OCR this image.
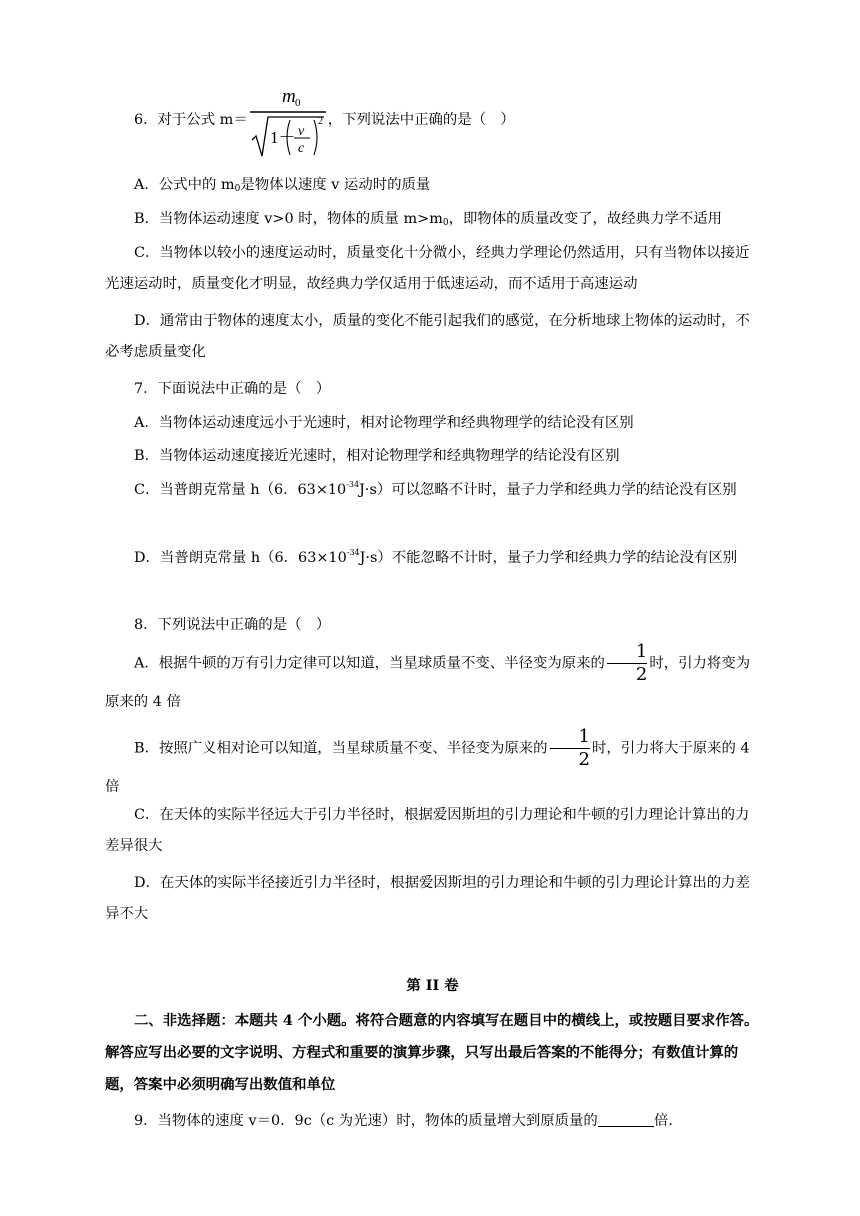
6．对于公式 m＝
m 0
1－ v
c
2 ，下列说法中正确的是（　）
A．公式中的 $m_0$是物体以速度 v 运动时的质量
B．当物体运动速度 v>0 时，物体的质量 $m>m_0$，即物体的质量改变了，故经典力学不适用
C．当物体以较小的速度运动时，质量变化十分微小，经典力学理论仍然适用，只有当物体以接近光速运动时，质量变化才明显，故经典力学仅适用于低速运动，而不适用于高速运动
D．通常由于物体的速度太小，质量的变化不能引起我们的感觉，在分析地球上物体的运动时，不必考虑质量变化
7．下面说法中正确的是（　）
A．当物体运动速度远小于光速时，相对论物理学和经典物理学的结论没有区别
B．当物体运动速度接近光速时，相对论物理学和经典物理学的结论没有区别
C．当普朗克常量 h（6．$63\times 10^{-34}J\cdot s$）可以忽略不计时，量子力学和经典力学的结论没有区别
D．当普朗克常量 h（6．$63\times 10^{-34}J\cdot s$）不能忽略不计时，量子力学和经典力学的结论没有区别
8．下列说法中正确的是（　）
A．根据牛顿的万有引力定律可以知道，当星球质量不变、半径变为原来的 $\frac{1}{2}$ 时，引力将变为原来的 4 倍
B．按照广义相对论可以知道，当星球质量不变、半径变为原来的 $\frac{1}{2}$ 时，引力将大于原来的 4 倍
C．在天体的实际半径远大于引力半径时，根据爱因斯坦的引力理论和牛顿的引力理论计算出的力差异很大
D．在天体的实际半径接近引力半径时，根据爱因斯坦的引力理论和牛顿的引力理论计算出的力差异不大
第 II 卷
二、非选择题：本题共 4 个小题。将符合题意的内容填写在题目中的横线上，或按题目要求作答。解答应写出必要的文字说明、方程式和重要的演算步骤，只写出最后答案的不能得分；有数值计算的题，答案中必须明确写出数值和单位
9．当物体的速度 v＝0．9c（c 为光速）时，物体的质量增大到原质量的	倍.
